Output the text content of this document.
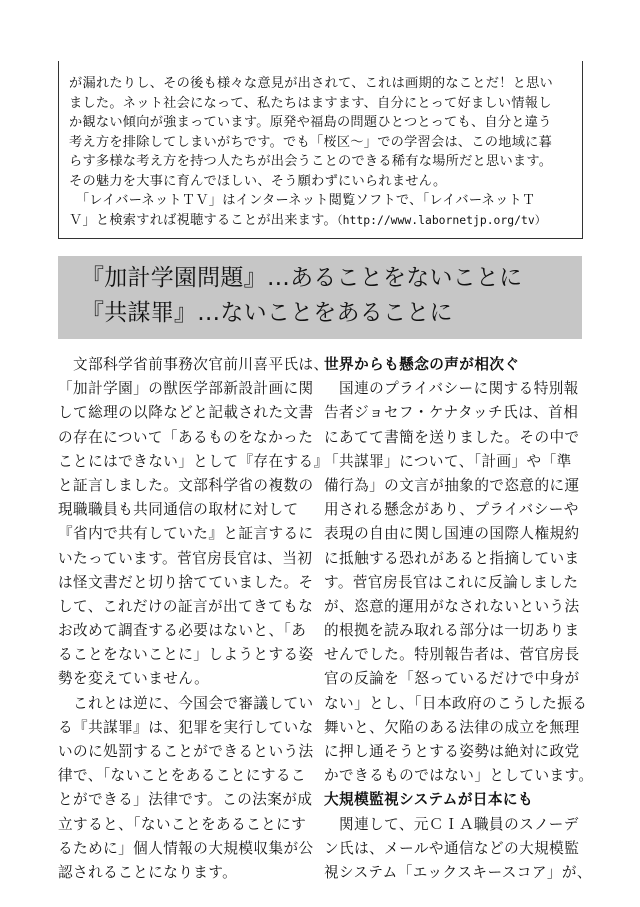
が漏れたりし、その後も様々な意見が出されて、これは画期的なことだ！と思い
ました。ネット社会になって、私たちはますます、自分にとって好ましい情報し
か観ない傾向が強まっています。原発や福島の問題ひとつとっても、自分と違う
考え方を排除してしまいがちです。でも「桜区～」での学習会は、この地域に暮
らす多様な考え方を持つ人たちが出会うことのできる稀有な場所だと思います。
その魅力を大事に育んでほしい、そう願わずにいられません。
　「レイバーネットＴＶ」はインターネット閲覧ソフトで、「レイバーネットＴ
Ｖ」と検索すれば視聴することが出来ます。（http://www.labornetjp.org/tv）
『加計学園問題』…あることをないことに
『共謀罪』…ないことをあることに
　文部科学省前事務次官前川喜平氏は、
「加計学園」の獣医学部新設計画に関
して総理の以降などと記載された文書
の存在について「あるものをなかった
ことにはできない」として『存在する』
と証言しました。文部科学省の複数の
現職職員も共同通信の取材に対して
『省内で共有していた』と証言するに
いたっています。菅官房長官は、当初
は怪文書だと切り捨てていました。そ
して、これだけの証言が出てきてもな
お改めて調査する必要はないと、「あ
ることをないことに」しようとする姿
勢を変えていません。
　これとは逆に、今国会で審議してい
る『共謀罪』は、犯罪を実行していな
いのに処罰することができるという法
律で、「ないことをあることにするこ
とができる」法律です。この法案が成
立すると、「ないことをあることにす
るために」個人情報の大規模収集が公
認されることになります。
世界からも懸念の声が相次ぐ
　国連のプライバシーに関する特別報
告者ジョセフ・ケナタッチ氏は、首相
にあてて書簡を送りました。その中で
「共謀罪」について、「計画」や「準
備行為」の文言が抽象的で恣意的に運
用される懸念があり、プライバシーや
表現の自由に関し国連の国際人権規約
に抵触する恐れがあると指摘していま
す。菅官房長官はこれに反論しました
が、恣意的運用がなされないという法
的根拠を読み取れる部分は一切ありま
せんでした。特別報告者は、菅官房長
官の反論を「怒っているだけで中身が
ない」とし、「日本政府のこうした振る
舞いと、欠陥のある法律の成立を無理
に押し通そうとする姿勢は絶対に政党
かできるものではない」としています。
大規模監視システムが日本にも
　関連して、元ＣＩＡ職員のスノーデ
ン氏は、メールや通信などの大規模監
視システム「エックスキースコア」が、
